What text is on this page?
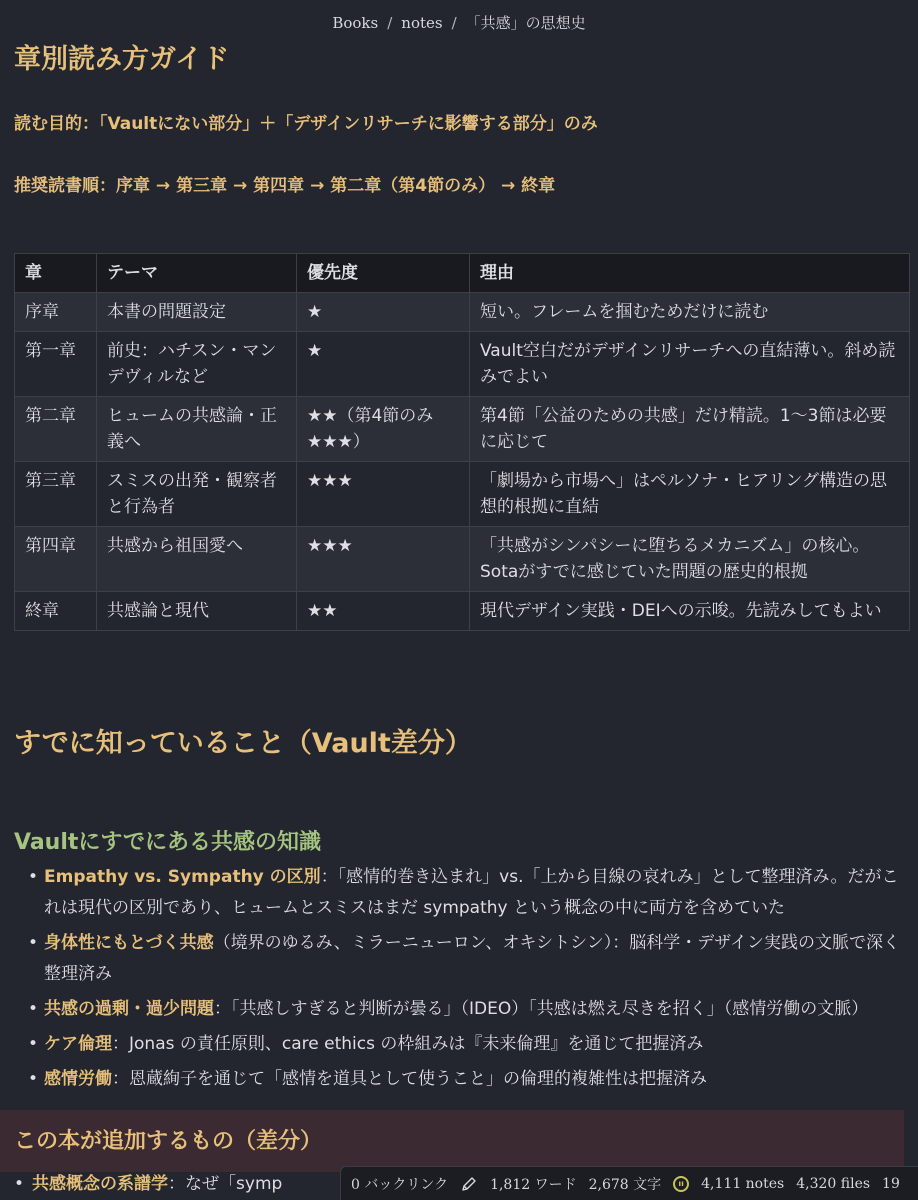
Books / notes / 「共感」の思想史
章別読み方ガイド
読む目的：「Vaultにない部分」＋「デザインリサーチに影響する部分」のみ
推奨読書順：序章 → 第三章 → 第四章 → 第二章（第4節のみ） → 終章
章	テーマ	優先度	理由
序章	本書の問題設定	★	短い。フレームを掴むためだけに読む
第一章	前史：ハチスン・マンデヴィルなど	★	Vault空白だがデザインリサーチへの直結薄い。斜め読みでよい
第二章	ヒュームの共感論・正義へ	★★（第4節のみ★★★）	第4節「公益のための共感」だけ精読。1〜3節は必要に応じて
第三章	スミスの出発・観察者と行為者	★★★	「劇場から市場へ」はペルソナ・ヒアリング構造の思想的根拠に直結
第四章	共感から祖国愛へ	★★★	「共感がシンパシーに堕ちるメカニズム」の核心。Sotaがすでに感じていた問題の歴史的根拠
終章	共感論と現代	★★	現代デザイン実践・DEIへの示唆。先読みしてもよい
すでに知っていること（Vault差分）
Vaultにすでにある共感の知識
• Empathy vs. Sympathy の区別：「感情的巻き込まれ」vs.「上から目線の哀れみ」として整理済み。だがこれは現代の区別であり、ヒュームとスミスはまだ sympathy という概念の中に両方を含めていた
• 身体性にもとづく共感（境界のゆるみ、ミラーニューロン、オキシトシン）：脳科学・デザイン実践の文脈で深く整理済み
• 共感の過剰・過少問題：「共感しすぎると判断が曇る」（IDEO）「共感は燃え尽きを招く」（感情労働の文脈）
• ケア倫理：Jonas の責任原則、care ethics の枠組みは『未来倫理』を通じて把握済み
• 感情労働：恩蔵絢子を通じて「感情を道具として使うこと」の倫理的複雑性は把握済み
この本が追加するもの（差分）
• 共感概念の系譜学：なぜ「symp	0 バックリンク	1,812 ワード 2,678 文字	ıı	4,111 notes 4,320 files 19
